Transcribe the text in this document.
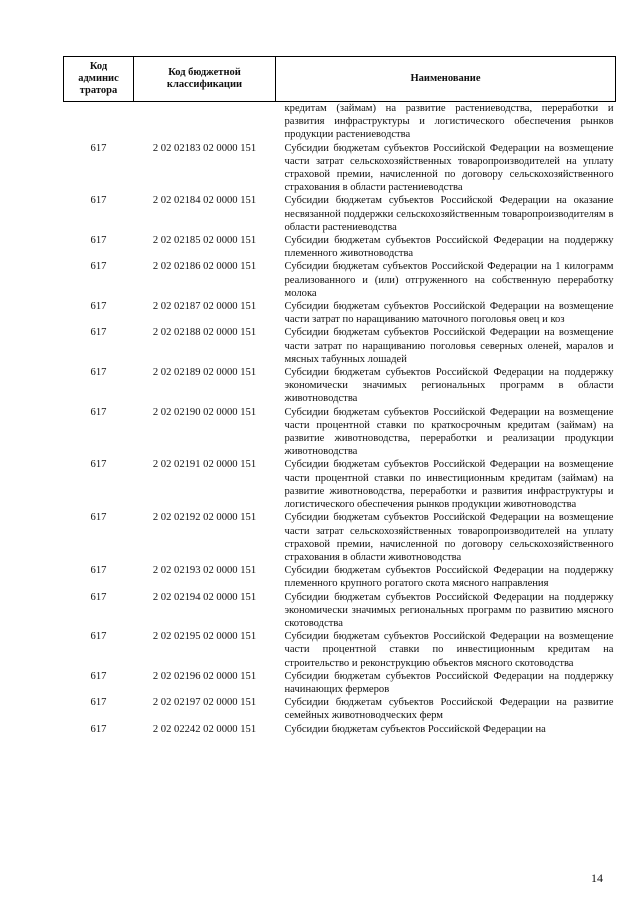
Код
админис
тратора	Код бюджетной
классификации	Наименование

		кредитам (займам) на развитие растениеводства, переработки и развития инфраструктуры и логистического обеспечения рынков продукции растениеводства

617	2 02 02183 02 0000 151	Субсидии бюджетам субъектов Российской Федерации на возмещение части затрат сельскохозяйственных товаропроизводителей на уплату страховой премии, начисленной по договору сельскохозяйственного страхования в области растениеводства

617	2 02 02184 02 0000 151	Субсидии бюджетам субъектов Российской Федерации на оказание несвязанной поддержки сельскохозяйственным товаропроизводителям в области растениеводства

617	2 02 02185 02 0000 151	Субсидии бюджетам субъектов Российской Федерации на поддержку племенного животноводства

617	2 02 02186 02 0000 151	Субсидии бюджетам субъектов Российской Федерации на 1 килограмм реализованного и (или) отгруженного на собственную переработку молока

617	2 02 02187 02 0000 151	Субсидии бюджетам субъектов Российской Федерации на возмещение части затрат по наращиванию маточного поголовья овец и коз

617	2 02 02188 02 0000 151	Субсидии бюджетам субъектов Российской Федерации на возмещение части затрат по наращиванию поголовья северных оленей, маралов и мясных табунных лошадей

617	2 02 02189 02 0000 151	Субсидии бюджетам субъектов Российской Федерации на поддержку экономически значимых региональных программ в области животноводства

617	2 02 02190 02 0000 151	Субсидии бюджетам субъектов Российской Федерации на возмещение части процентной ставки по краткосрочным кредитам (займам) на развитие животноводства, переработки и реализации продукции животноводства

617	2 02 02191 02 0000 151	Субсидии бюджетам субъектов Российской Федерации на возмещение части процентной ставки по инвестиционным кредитам (займам) на развитие животноводства, переработки и развития инфраструктуры и логистического обеспечения рынков продукции животноводства

617	2 02 02192 02 0000 151	Субсидии бюджетам субъектов Российской Федерации на возмещение части затрат сельскохозяйственных товаропроизводителей на уплату страховой премии, начисленной по договору сельскохозяйственного страхования в области животноводства

617	2 02 02193 02 0000 151	Субсидии бюджетам субъектов Российской Федерации на поддержку племенного крупного рогатого скота мясного направления

617	2 02 02194 02 0000 151	Субсидии бюджетам субъектов Российской Федерации на поддержку экономически значимых региональных программ по развитию мясного скотоводства

617	2 02 02195 02 0000 151	Субсидии бюджетам субъектов Российской Федерации на возмещение части процентной ставки по инвестиционным кредитам на строительство и реконструкцию объектов мясного скотоводства

617	2 02 02196 02 0000 151	Субсидии бюджетам субъектов Российской Федерации на поддержку начинающих фермеров

617	2 02 02197 02 0000 151	Субсидии бюджетам субъектов Российской Федерации на развитие семейных животноводческих ферм

617	2 02 02242 02 0000 151	Субсидии бюджетам субъектов Российской Федерации на
14
